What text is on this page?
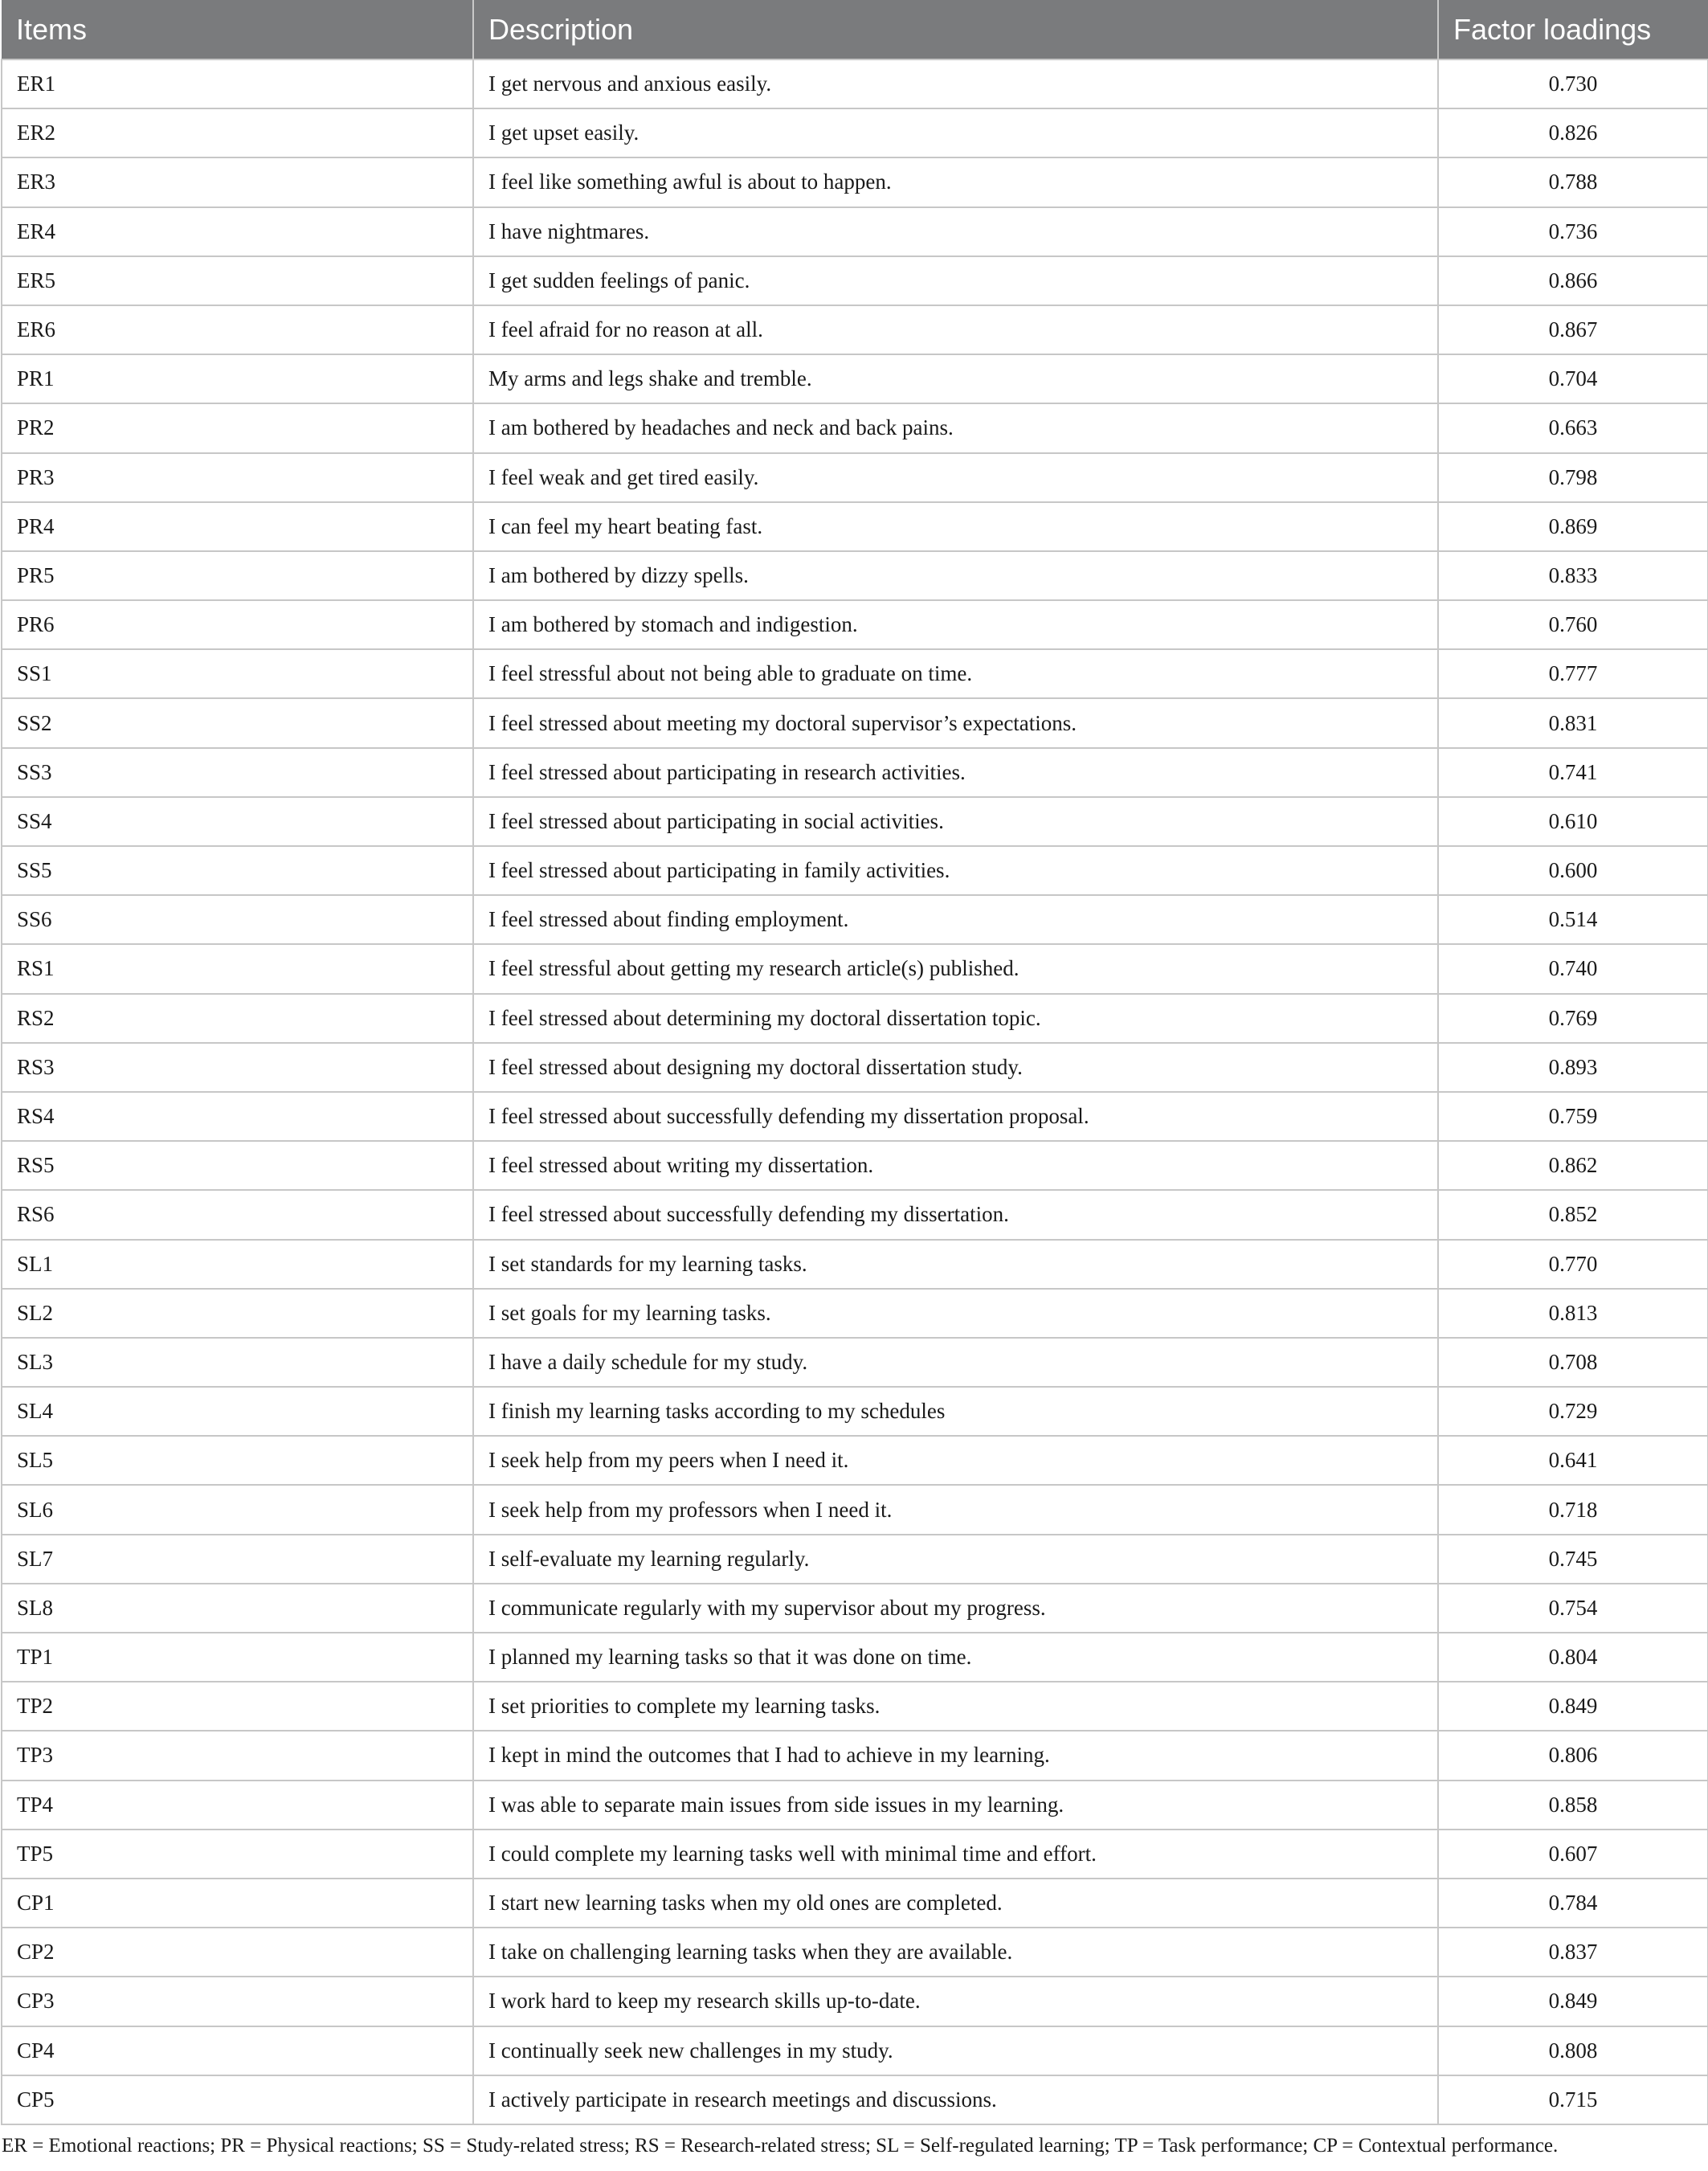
Items	Description	Factor loadings
ER1	I get nervous and anxious easily.	0.730
ER2	I get upset easily.	0.826
ER3	I feel like something awful is about to happen.	0.788
ER4	I have nightmares.	0.736
ER5	I get sudden feelings of panic.	0.866
ER6	I feel afraid for no reason at all.	0.867
PR1	My arms and legs shake and tremble.	0.704
PR2	I am bothered by headaches and neck and back pains.	0.663
PR3	I feel weak and get tired easily.	0.798
PR4	I can feel my heart beating fast.	0.869
PR5	I am bothered by dizzy spells.	0.833
PR6	I am bothered by stomach and indigestion.	0.760
SS1	I feel stressful about not being able to graduate on time.	0.777
SS2	I feel stressed about meeting my doctoral supervisor’s expectations.	0.831
SS3	I feel stressed about participating in research activities.	0.741
SS4	I feel stressed about participating in social activities.	0.610
SS5	I feel stressed about participating in family activities.	0.600
SS6	I feel stressed about finding employment.	0.514
RS1	I feel stressful about getting my research article(s) published.	0.740
RS2	I feel stressed about determining my doctoral dissertation topic.	0.769
RS3	I feel stressed about designing my doctoral dissertation study.	0.893
RS4	I feel stressed about successfully defending my dissertation proposal.	0.759
RS5	I feel stressed about writing my dissertation.	0.862
RS6	I feel stressed about successfully defending my dissertation.	0.852
SL1	I set standards for my learning tasks.	0.770
SL2	I set goals for my learning tasks.	0.813
SL3	I have a daily schedule for my study.	0.708
SL4	I finish my learning tasks according to my schedules	0.729
SL5	I seek help from my peers when I need it.	0.641
SL6	I seek help from my professors when I need it.	0.718
SL7	I self-evaluate my learning regularly.	0.745
SL8	I communicate regularly with my supervisor about my progress.	0.754
TP1	I planned my learning tasks so that it was done on time.	0.804
TP2	I set priorities to complete my learning tasks.	0.849
TP3	I kept in mind the outcomes that I had to achieve in my learning.	0.806
TP4	I was able to separate main issues from side issues in my learning.	0.858
TP5	I could complete my learning tasks well with minimal time and effort.	0.607
CP1	I start new learning tasks when my old ones are completed.	0.784
CP2	I take on challenging learning tasks when they are available.	0.837
CP3	I work hard to keep my research skills up-to-date.	0.849
CP4	I continually seek new challenges in my study.	0.808
CP5	I actively participate in research meetings and discussions.	0.715
ER = Emotional reactions; PR = Physical reactions; SS = Study-related stress; RS = Research-related stress; SL = Self-regulated learning; TP = Task performance; CP = Contextual performance.
